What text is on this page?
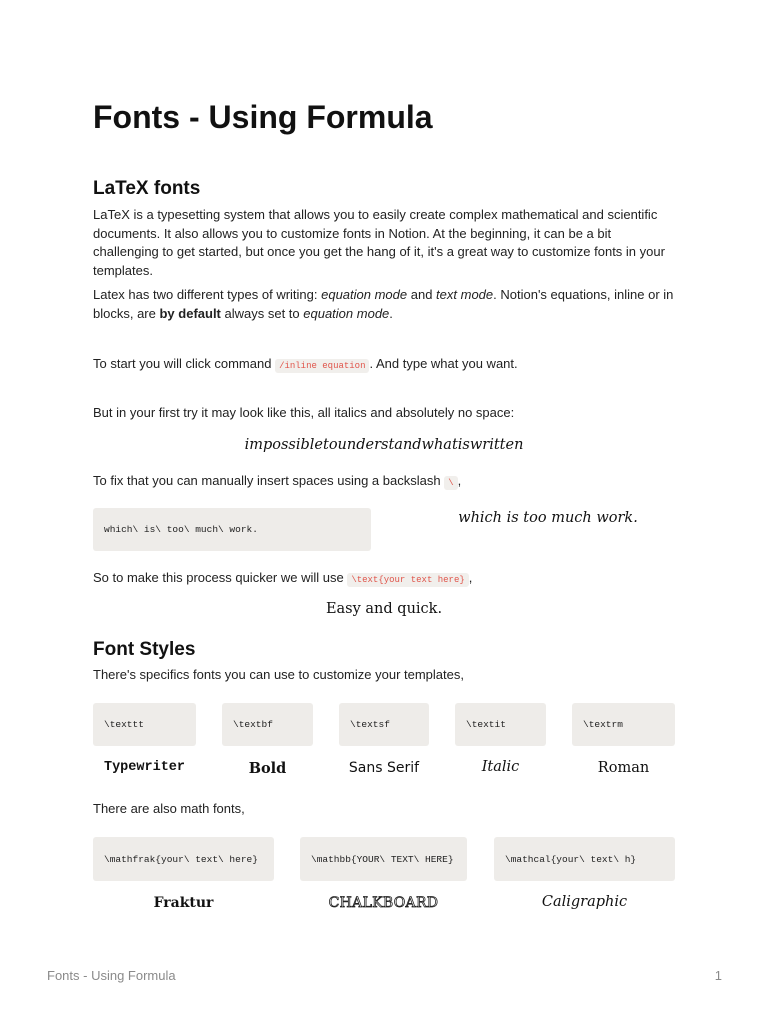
Fonts - Using Formula
LaTeX fonts

LaTeX is a typesetting system that allows you to easily create complex mathematical and scientific documents. It also allows you to customize fonts in Notion. At the beginning, it can be a bit challenging to get started, but once you get the hang of it, it's a great way to customize fonts in your templates.

Latex has two different types of writing: equation mode and text mode. Notion's equations, inline or in blocks, are by default always set to equation mode.

To start you will click command /inline equation . And type what you want.

But in your first try it may look like this, all italics and absolutely no space:

impossibletounderstandwhatiswritten

To fix that you can manually insert spaces using a backslash \ ,

which\ is\ too\ much\ work.
which is too much work.

So to make this process quicker we will use \text{your text here} ,

Easy and quick.
Font Styles

There's specifics fonts you can use to customize your templates,

\texttt	\textbf	\textsf	\textit	\textrm
Typewriter	Bold	Sans Serif	Italic	Roman

There are also math fonts,

\mathfrak{your\ text\ here}	\mathbb{YOUR\ TEXT\ HERE}	\mathcal{your\ text\ h}
Fraktur	CHALKBOARD	Caligraphic
Fonts - Using Formula	1
